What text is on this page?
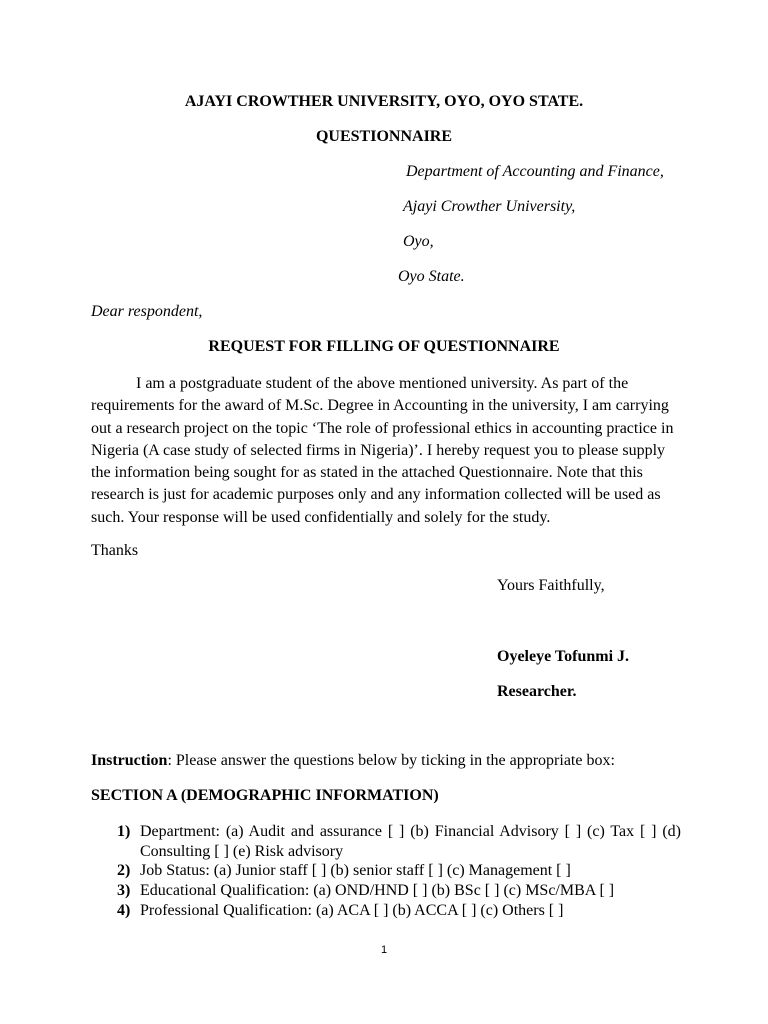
AJAYI CROWTHER UNIVERSITY, OYO, OYO STATE.
QUESTIONNAIRE
Department of Accounting and Finance,
Ajayi Crowther University,
Oyo,
Oyo State.
Dear respondent,
REQUEST FOR FILLING OF QUESTIONNAIRE
I am a postgraduate student of the above mentioned university. As part of the requirements for the award of M.Sc. Degree in Accounting in the university, I am carrying out a research project on the topic ‘The role of professional ethics in accounting practice in Nigeria (A case study of selected firms in Nigeria)’. I hereby request you to please supply the information being sought for as stated in the attached Questionnaire. Note that this research is just for academic purposes only and any information collected will be used as such. Your response will be used confidentially and solely for the study.
Thanks
Yours Faithfully,
Oyeleye Tofunmi J.
Researcher.
Instruction: Please answer the questions below by ticking in the appropriate box:
SECTION A (DEMOGRAPHIC INFORMATION)
1) Department: (a) Audit and assurance [ ] (b) Financial Advisory [ ] (c) Tax [ ] (d) Consulting [ ] (e) Risk advisory
2) Job Status: (a) Junior staff [ ] (b) senior staff [ ] (c) Management [ ]
3) Educational Qualification: (a) OND/HND [ ] (b) BSc [ ] (c) MSc/MBA [ ]
4) Professional Qualification: (a) ACA [ ] (b) ACCA [ ] (c) Others [ ]
1
